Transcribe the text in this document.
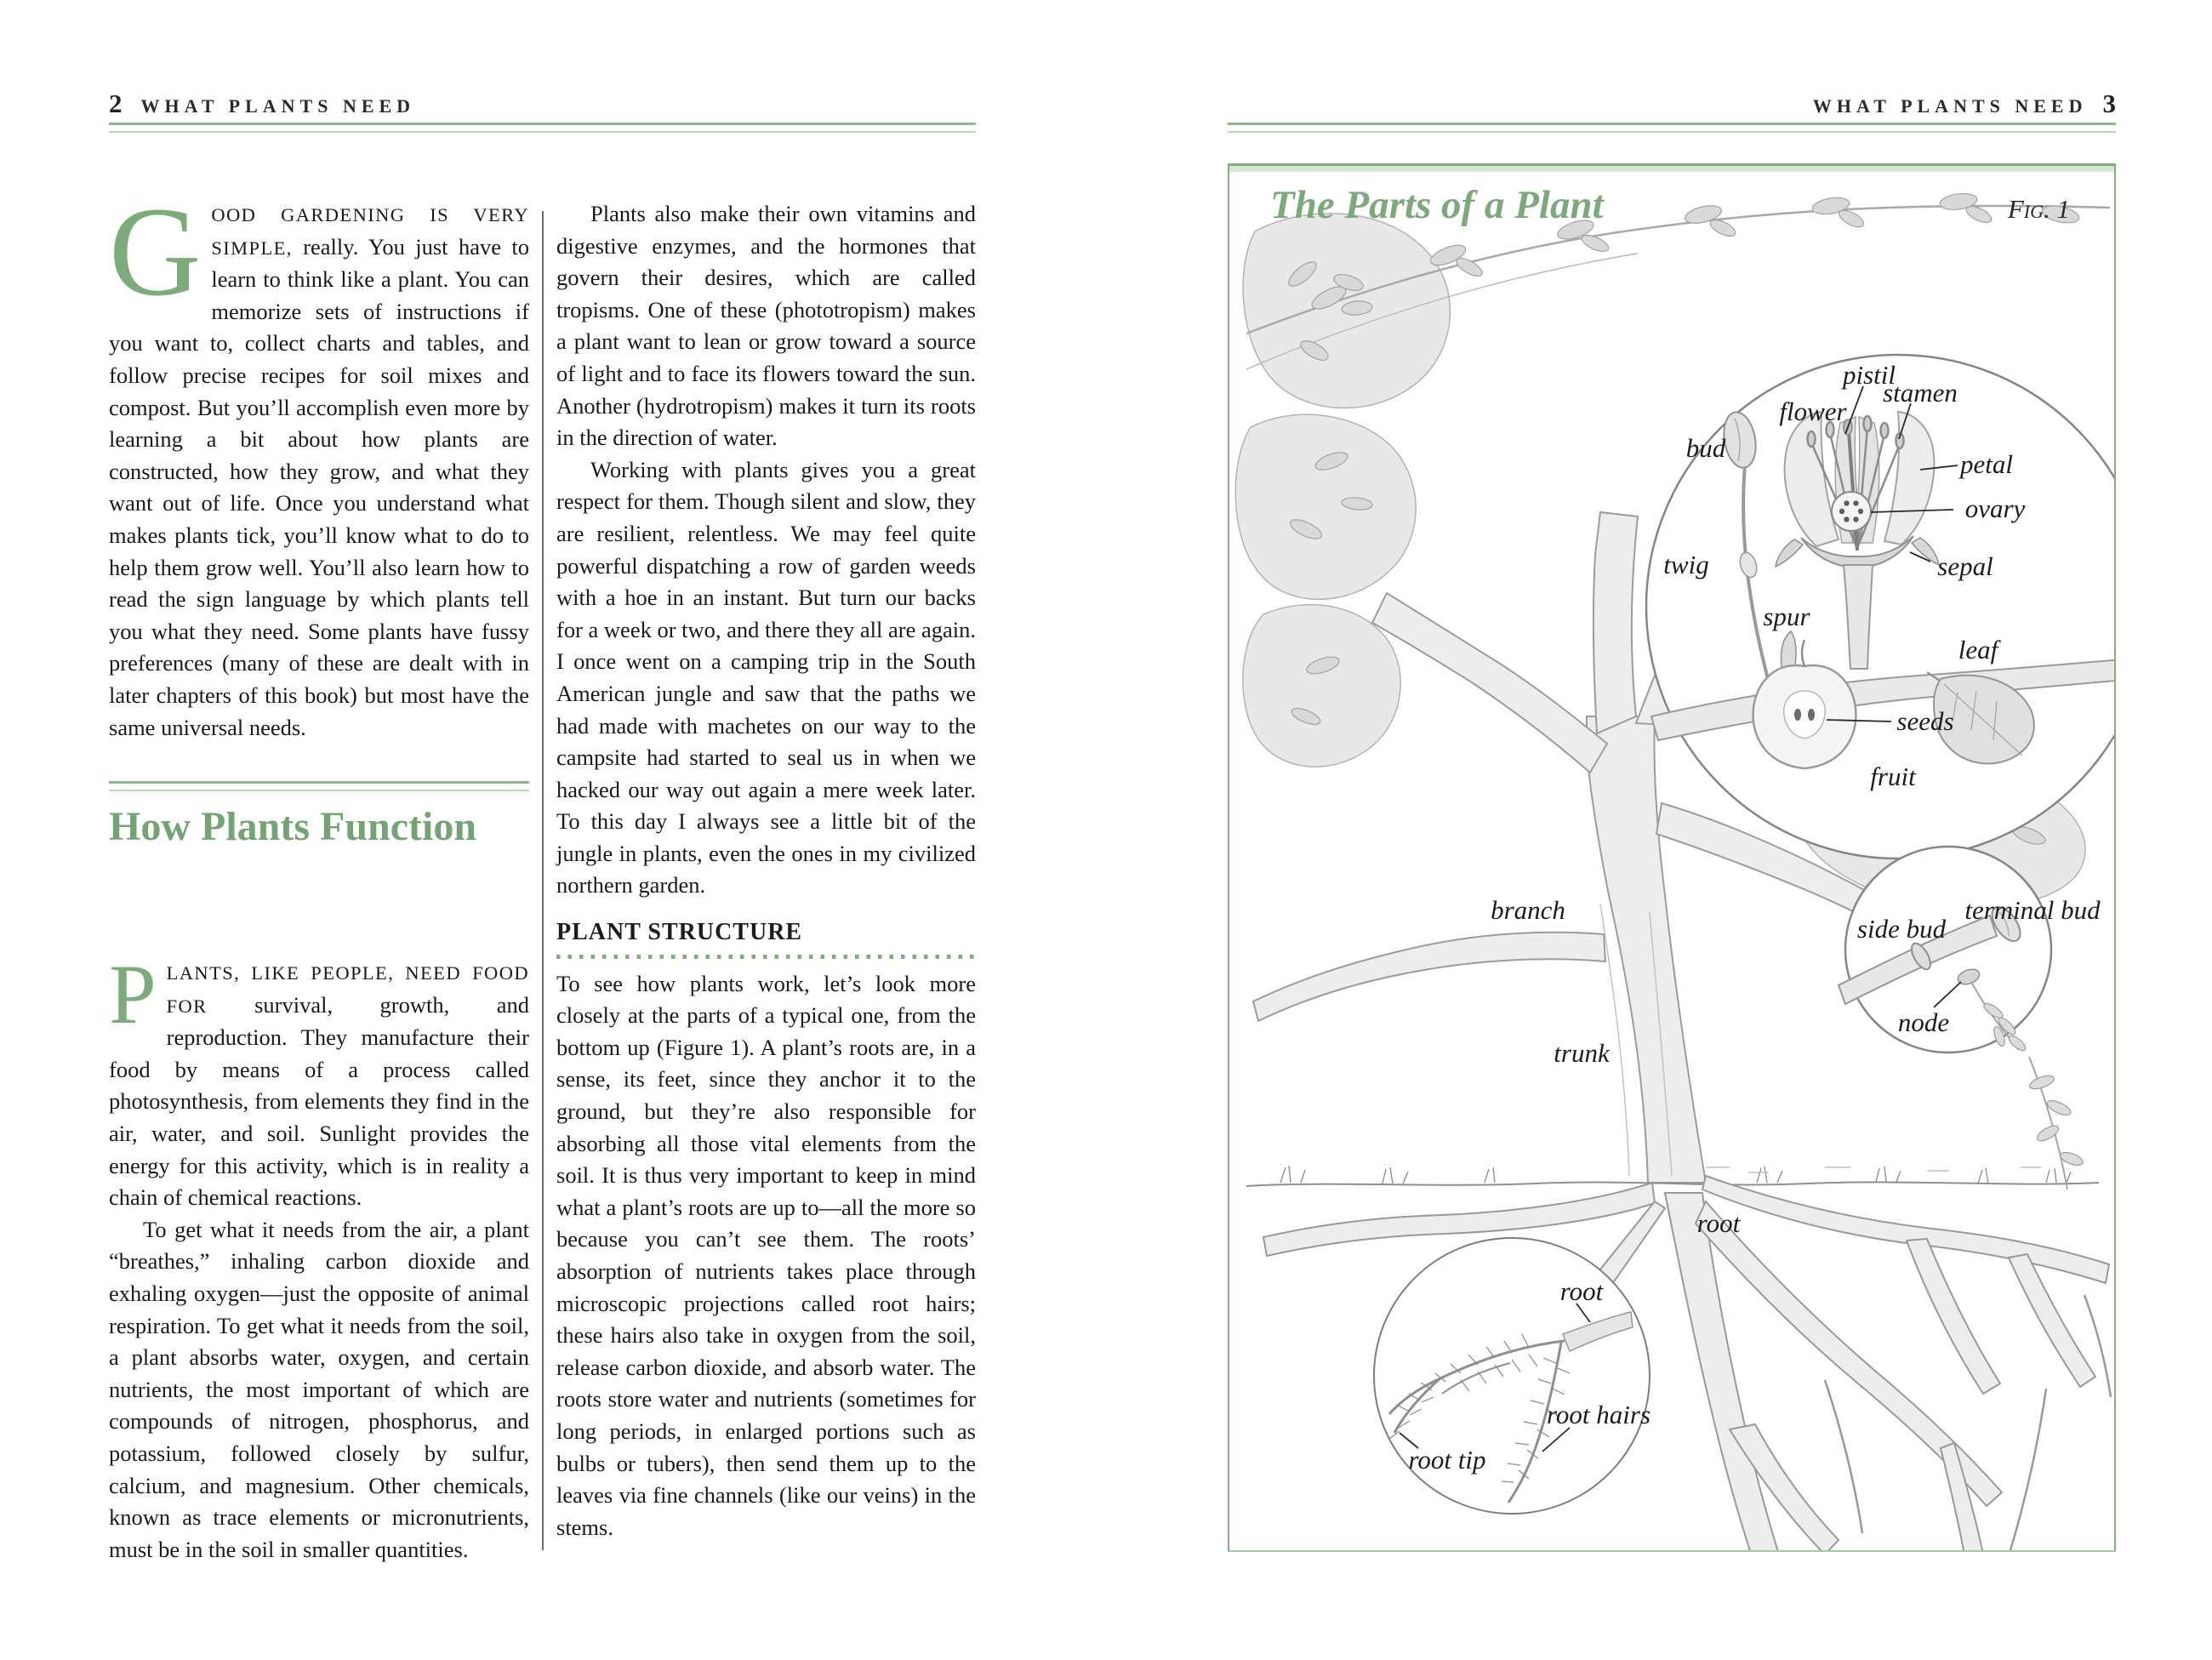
2 WHAT PLANTS NEED

GOOD GARDENING IS VERY SIMPLE, really. You just have to learn to think like a plant. You can memorize sets of instructions if you want to, collect charts and tables, and follow precise recipes for soil mixes and compost. But you’ll accomplish even more by learning a bit about how plants are constructed, how they grow, and what they want out of life. Once you understand what makes plants tick, you’ll know what to do to help them grow well. You’ll also learn how to read the sign language by which plants tell you what they need. Some plants have fussy preferences (many of these are dealt with in later chapters of this book) but most have the same universal needs.

How Plants Function

PLANTS, LIKE PEOPLE, NEED FOOD FOR survival, growth, and reproduction. They manufacture their food by means of a process called photosynthesis, from elements they find in the air, water, and soil. Sunlight provides the energy for this activity, which is in reality a chain of chemical reactions.

To get what it needs from the air, a plant “breathes,” inhaling carbon dioxide and exhaling oxygen—just the opposite of animal respiration. To get what it needs from the soil, a plant absorbs water, oxygen, and certain nutrients, the most important of which are compounds of nitrogen, phosphorus, and potassium, followed closely by sulfur, calcium, and magnesium. Other chemicals, known as trace elements or micronutrients, must be in the soil in smaller quantities.

Plants also make their own vitamins and digestive enzymes, and the hormones that govern their desires, which are called tropisms. One of these (phototropism) makes a plant want to lean or grow toward a source of light and to face its flowers toward the sun. Another (hydrotropism) makes it turn its roots in the direction of water.

Working with plants gives you a great respect for them. Though silent and slow, they are resilient, relentless. We may feel quite powerful dispatching a row of garden weeds with a hoe in an instant. But turn our backs for a week or two, and there they all are again. I once went on a camping trip in the South American jungle and saw that the paths we had made with machetes on our way to the campsite had started to seal us in when we hacked our way out again a mere week later. To this day I always see a little bit of the jungle in plants, even the ones in my civilized northern garden.

PLANT STRUCTURE

To see how plants work, let’s look more closely at the parts of a typical one, from the bottom up (Figure 1). A plant’s roots are, in a sense, its feet, since they anchor it to the ground, but they’re also responsible for absorbing all those vital elements from the soil. It is thus very important to keep in mind what a plant’s roots are up to—all the more so because you can’t see them. The roots’ absorption of nutrients takes place through microscopic projections called root hairs; these hairs also take in oxygen from the soil, release carbon dioxide, and absorb water. The roots store water and nutrients (sometimes for long periods, in enlarged portions such as bulbs or tubers), then send them up to the leaves via fine channels (like our veins) in the stems.

WHAT PLANTS NEED 3
pistil
stamen
flower
bud
petal
ovary
twig	sepal
spur
leaf
seeds
fruit
branch
side bud
terminal bud
node
trunk
root
root
root hairs
root tip
The Parts of a Plant	Fig. 1
